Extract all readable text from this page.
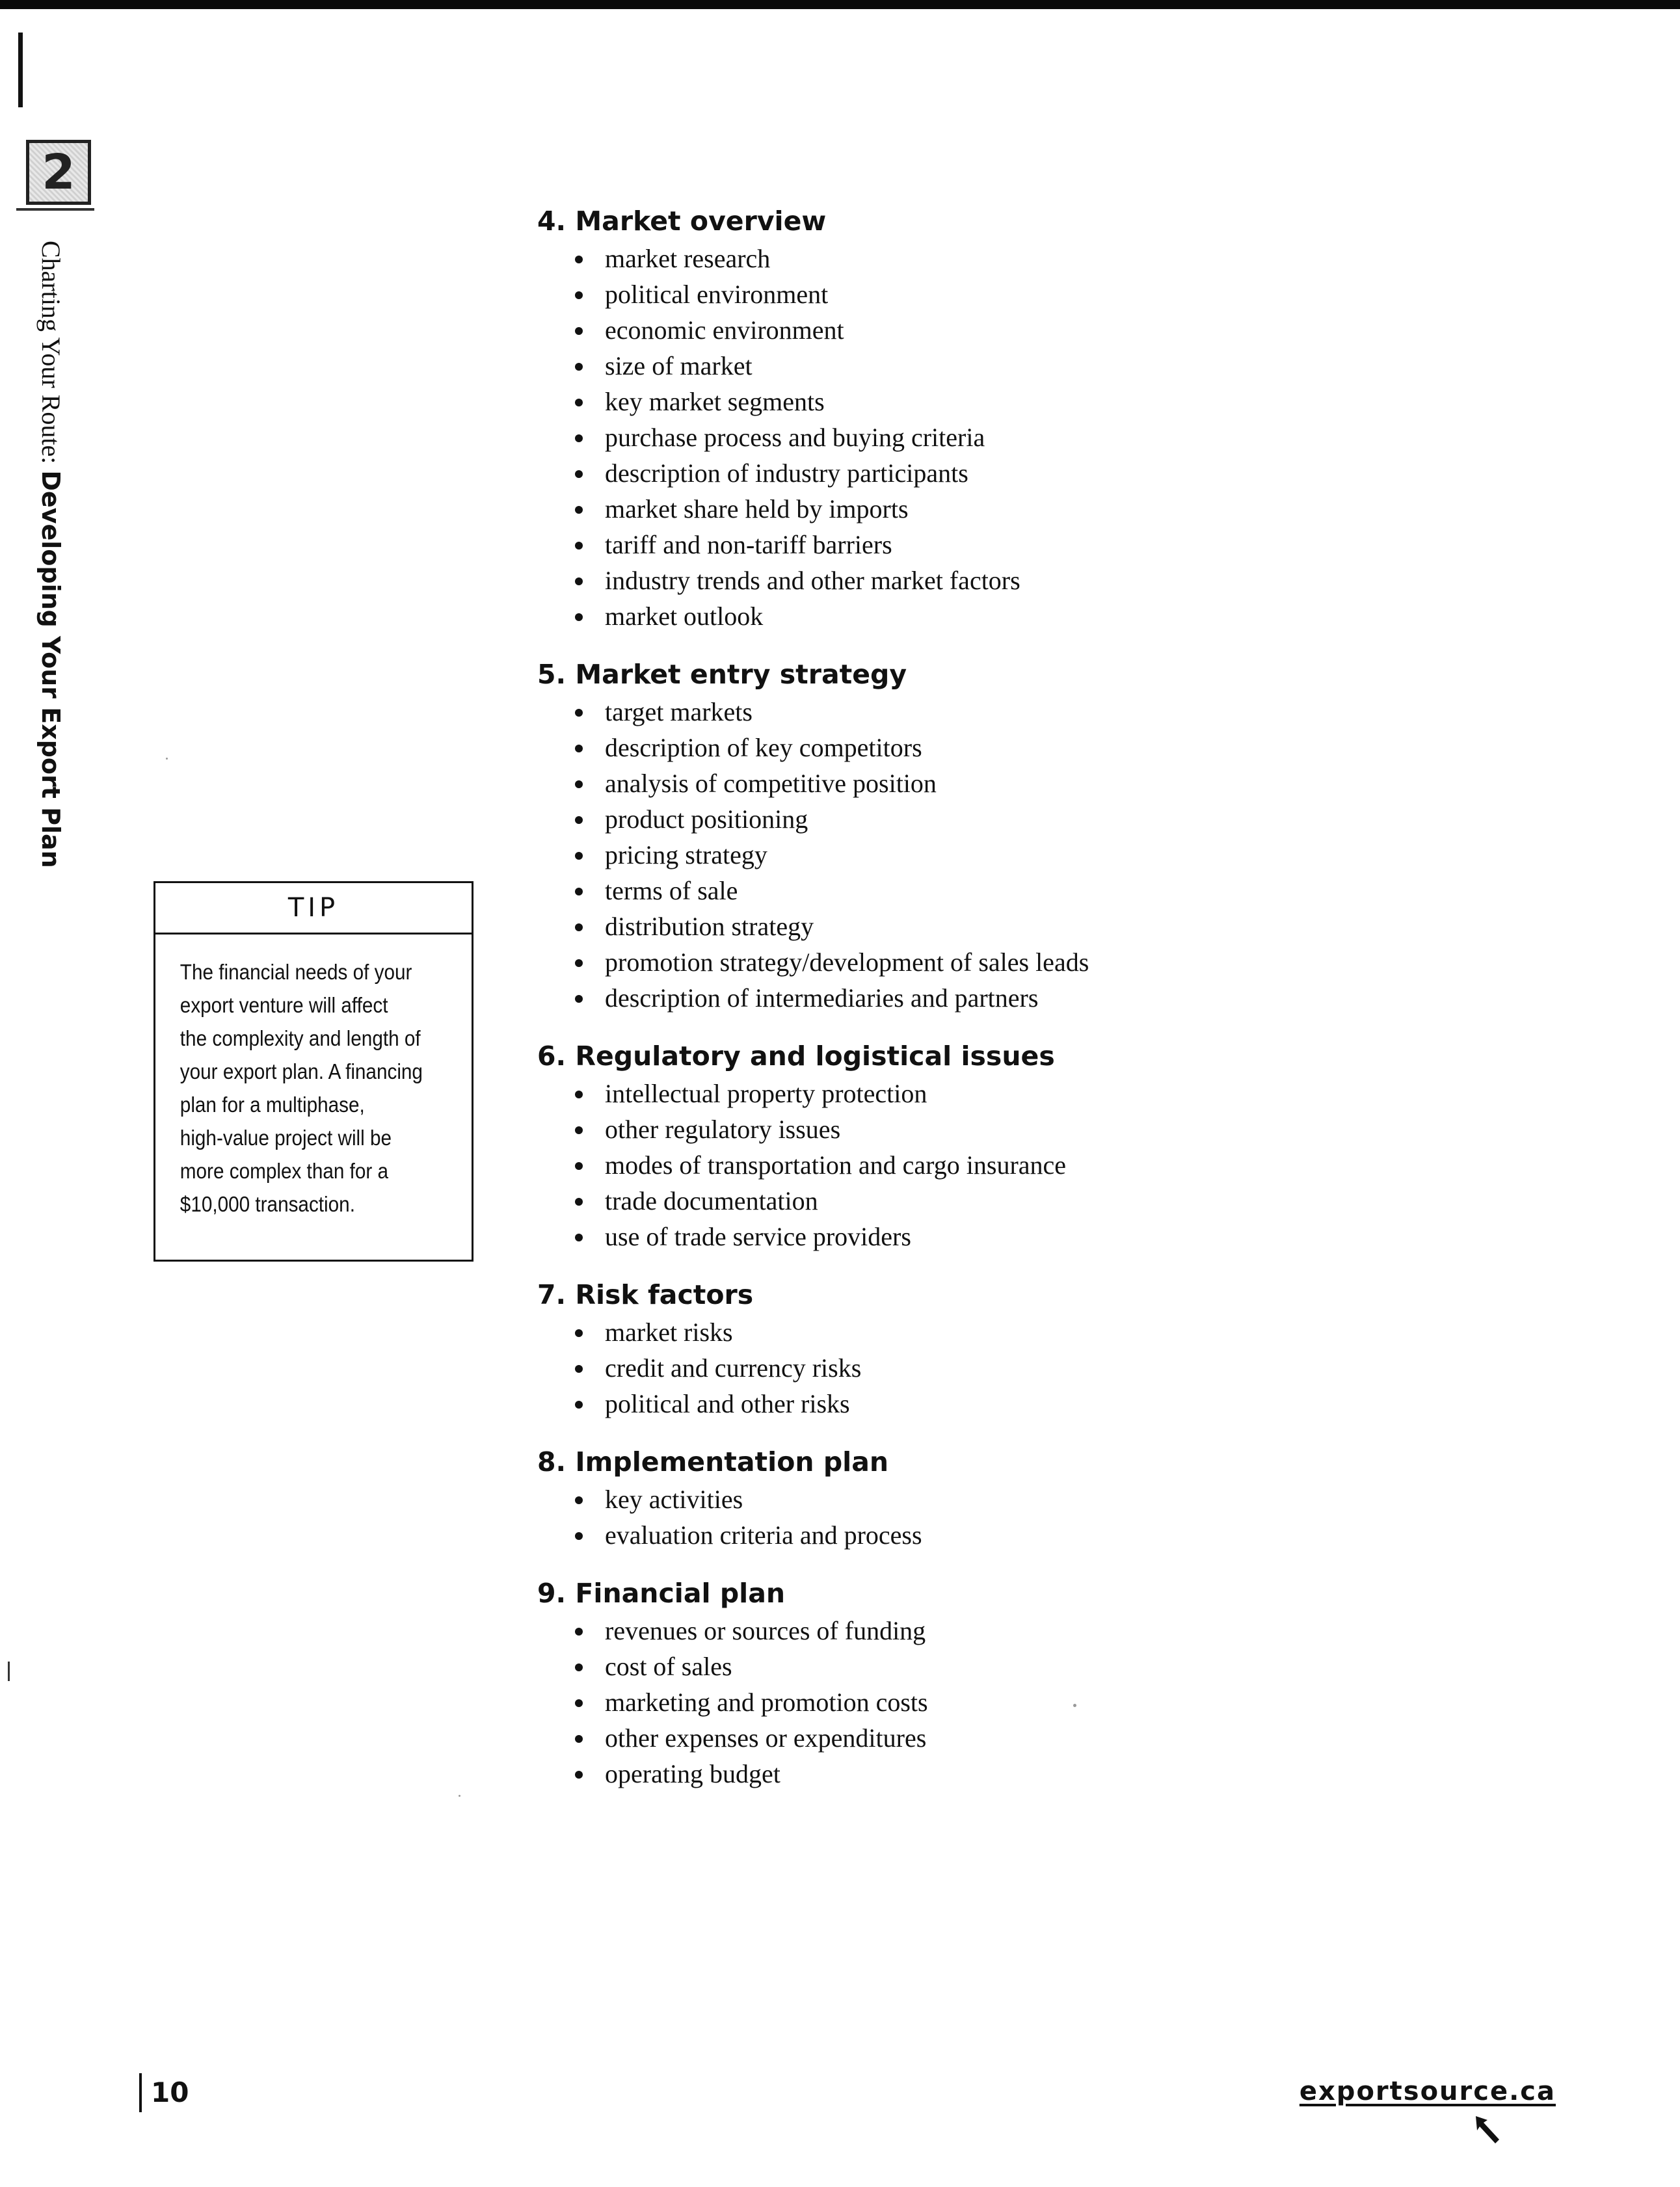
2
Charting Your Route: Developing Your Export Plan
TIP
The financial needs of your
export venture will affect
the complexity and length of
your export plan. A financing
plan for a multiphase,
high-value project will be
more complex than for a
$10,000 transaction.
4. Market overview
market research
political environment
economic environment
size of market
key market segments
purchase process and buying criteria
description of industry participants
market share held by imports
tariff and non-tariff barriers
industry trends and other market factors
market outlook
5. Market entry strategy
target markets
description of key competitors
analysis of competitive position
product positioning
pricing strategy
terms of sale
distribution strategy
promotion strategy/development of sales leads
description of intermediaries and partners
6. Regulatory and logistical issues
intellectual property protection
other regulatory issues
modes of transportation and cargo insurance
trade documentation
use of trade service providers
7. Risk factors
market risks
credit and currency risks
political and other risks
8. Implementation plan
key activities
evaluation criteria and process
9. Financial plan
revenues or sources of funding
cost of sales
marketing and promotion costs
other expenses or expenditures
operating budget
10	exportsource.ca
